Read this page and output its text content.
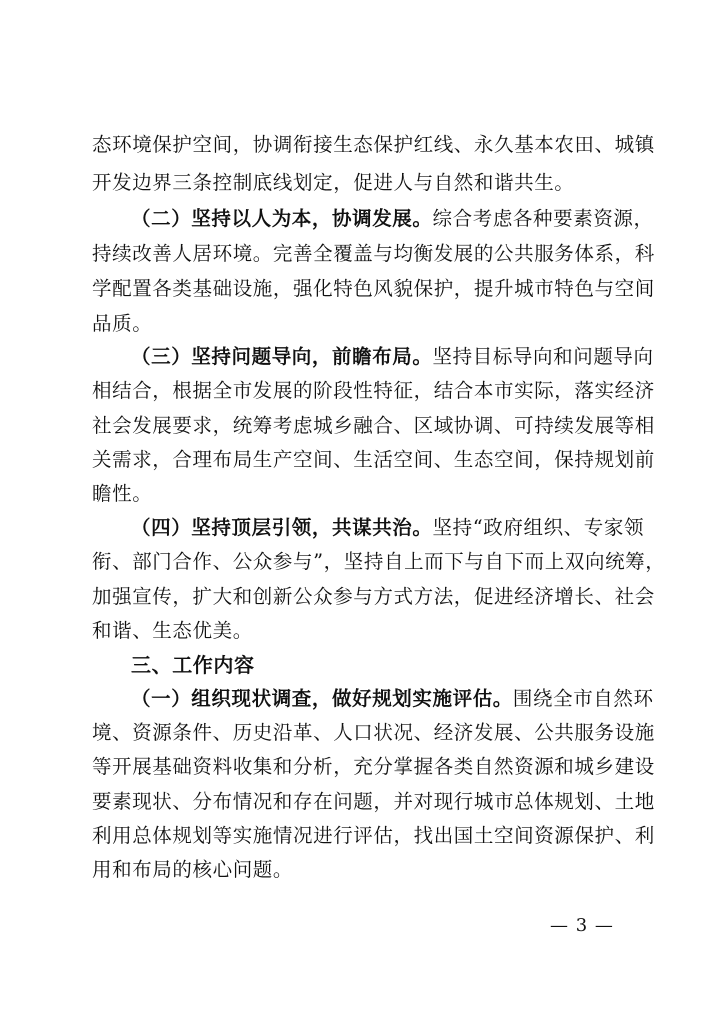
态环境保护空间，协调衔接生态保护红线、永久基本农田、城镇
开发边界三条控制底线划定，促进人与自然和谐共生。
（二）坚持以人为本，协调发展。综合考虑各种要素资源，
持续改善人居环境。完善全覆盖与均衡发展的公共服务体系，科
学配置各类基础设施，强化特色风貌保护，提升城市特色与空间
品质。
（三）坚持问题导向，前瞻布局。坚持目标导向和问题导向
相结合，根据全市发展的阶段性特征，结合本市实际，落实经济
社会发展要求，统筹考虑城乡融合、区域协调、可持续发展等相
关需求，合理布局生产空间、生活空间、生态空间，保持规划前
瞻性。
（四）坚持顶层引领，共谋共治。坚持“政府组织、专家领
衔、部门合作、公众参与”，坚持自上而下与自下而上双向统筹，
加强宣传，扩大和创新公众参与方式方法，促进经济增长、社会
和谐、生态优美。
三、工作内容
（一）组织现状调查，做好规划实施评估。围绕全市自然环
境、资源条件、历史沿革、人口状况、经济发展、公共服务设施
等开展基础资料收集和分析，充分掌握各类自然资源和城乡建设
要素现状、分布情况和存在问题，并对现行城市总体规划、土地
利用总体规划等实施情况进行评估，找出国土空间资源保护、利
用和布局的核心问题。
— 3 —
